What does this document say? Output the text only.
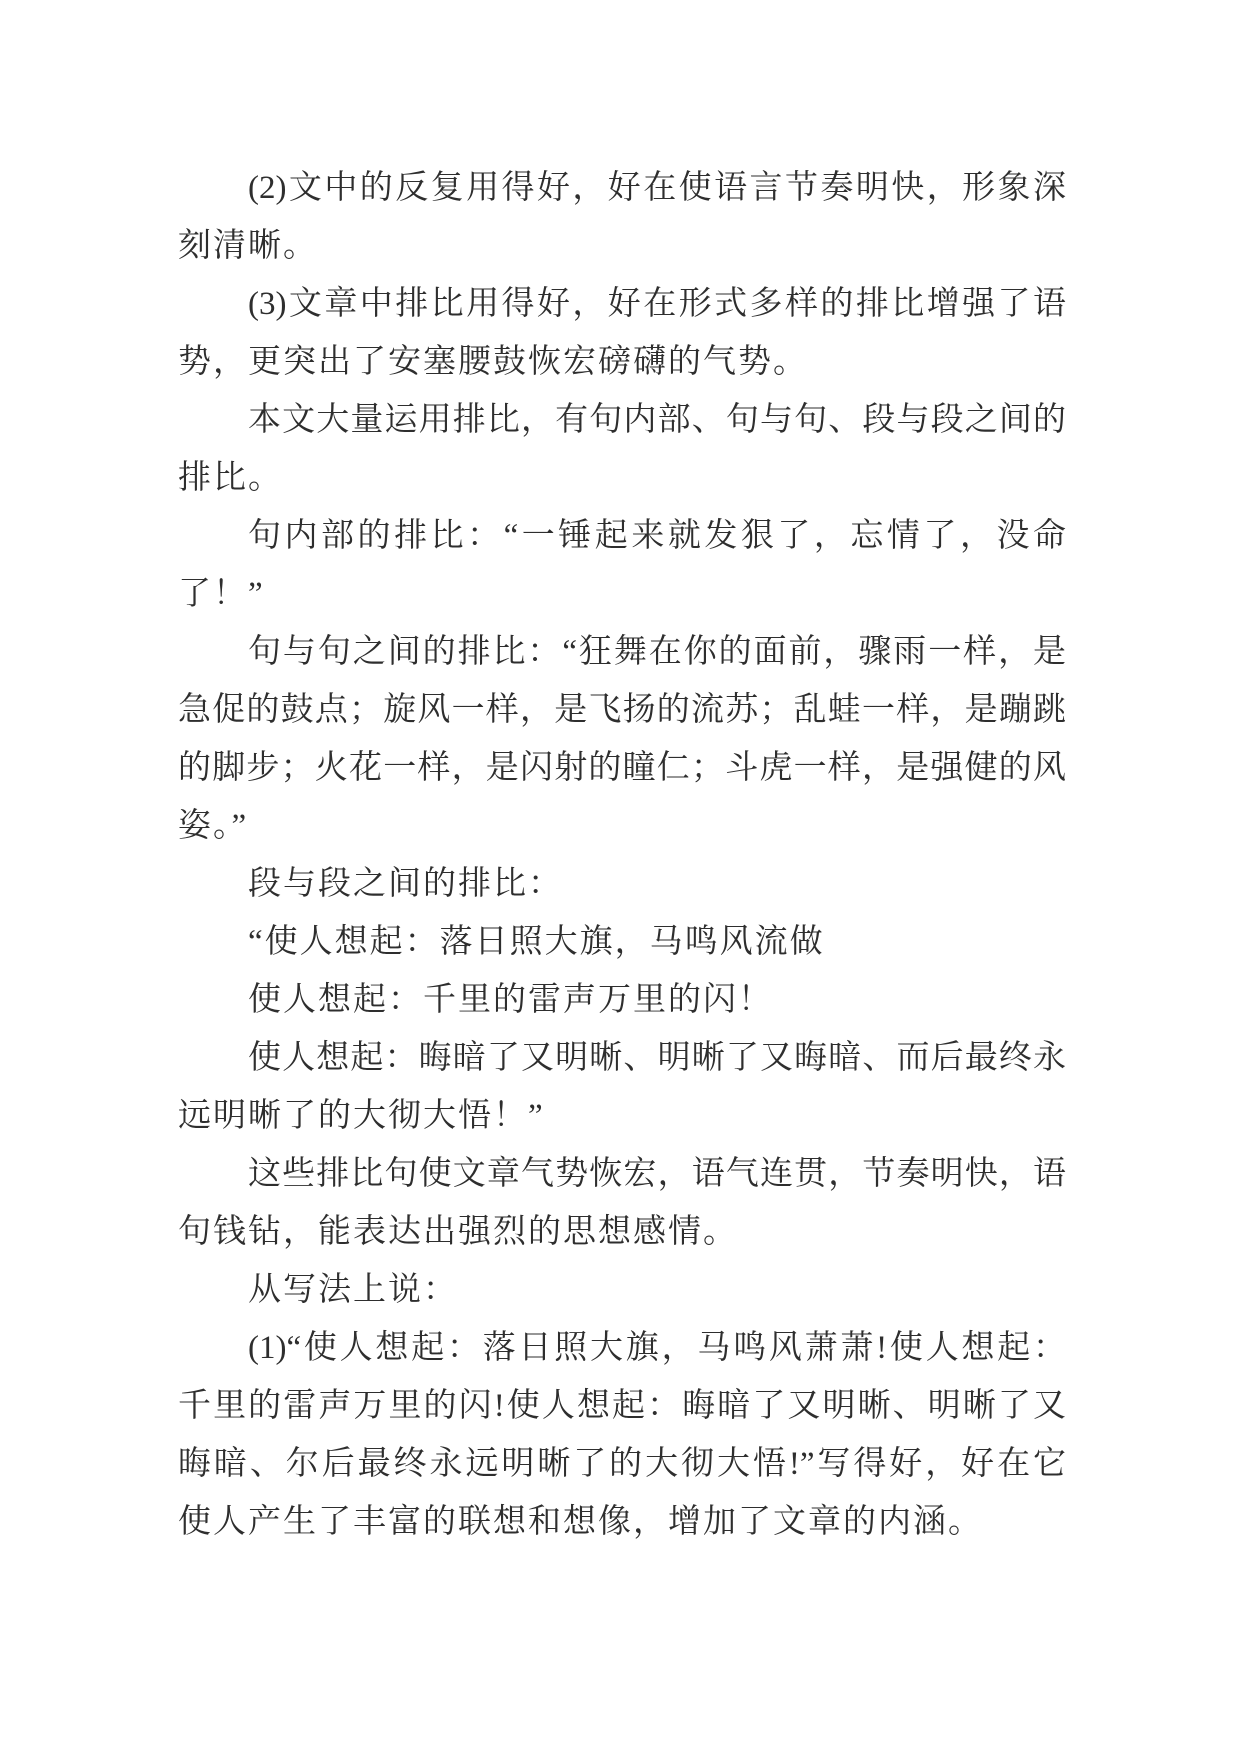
(2)文中的反复用得好，好在使语言节奏明快，形象深
刻清晰。
(3)文章中排比用得好，好在形式多样的排比增强了语
势，更突出了安塞腰鼓恢宏磅礴的气势。
本文大量运用排比，有句内部、句与句、段与段之间的
排比。
句内部的排比：“一锤起来就发狠了，忘情了，没命
了！”
句与句之间的排比：“狂舞在你的面前，骤雨一样，是
急促的鼓点；旋风一样，是飞扬的流苏；乱蛙一样，是蹦跳
的脚步；火花一样，是闪射的瞳仁；斗虎一样，是强健的风
姿。”
段与段之间的排比：
“使人想起：落日照大旗，马鸣风流做
使人想起：千里的雷声万里的闪！
使人想起：晦暗了又明晰、明晰了又晦暗、而后最终永
远明晰了的大彻大悟！”
这些排比句使文章气势恢宏，语气连贯，节奏明快，语
句钱钻，能表达出强烈的思想感情。
从写法上说：
(1)“使人想起：落日照大旗，马鸣风萧萧!使人想起：
千里的雷声万里的闪!使人想起：晦暗了又明晰、明晰了又
晦暗、尔后最终永远明晰了的大彻大悟!”写得好，好在它
使人产生了丰富的联想和想像，增加了文章的内涵。
